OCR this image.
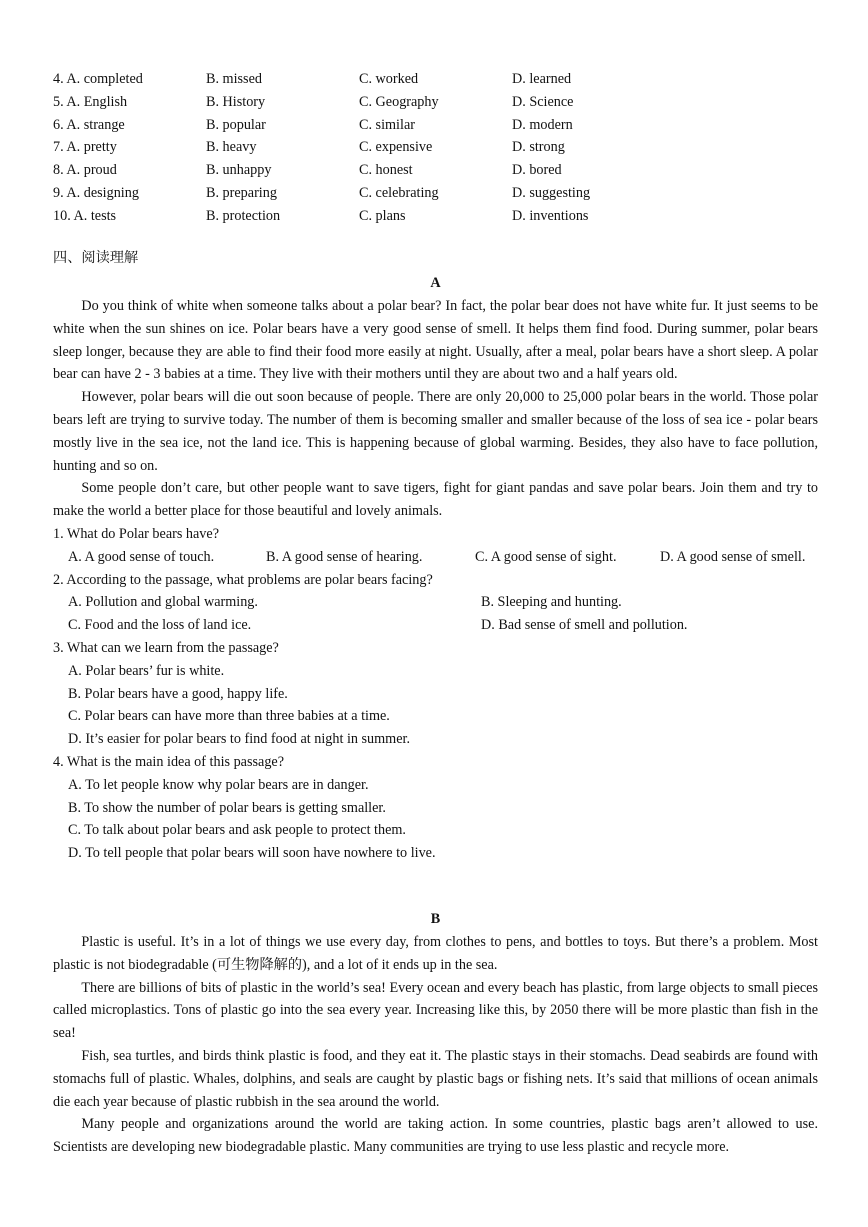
4. A. completed	B. missed	C. worked	D. learned
5. A. English	B. History	C. Geography	D. Science
6. A. strange	B. popular	C. similar	D. modern
7. A. pretty	B. heavy	C. expensive	D. strong
8. A. proud	B. unhappy	C. honest	D. bored
9. A. designing	B. preparing	C. celebrating	D. suggesting
10. A. tests	B. protection	C. plans	D. inventions
四、阅读理解
A

Do you think of white when someone talks about a polar bear? In fact, the polar bear does not have white fur. It just seems to be white when the sun shines on ice. Polar bears have a very good sense of smell. It helps them find food. During summer, polar bears sleep longer, because they are able to find their food more easily at night. Usually, after a meal, polar bears have a short sleep. A polar bear can have 2 - 3 babies at a time. They live with their mothers until they are about two and a half years old.

However, polar bears will die out soon because of people. There are only 20,000 to 25,000 polar bears in the world. Those polar bears left are trying to survive today. The number of them is becoming smaller and smaller because of the loss of sea ice - polar bears mostly live in the sea ice, not the land ice. This is happening because of global warming. Besides, they also have to face pollution, hunting and so on.

Some people don’t care, but other people want to save tigers, fight for giant pandas and save polar bears. Join them and try to make the world a better place for those beautiful and lovely animals.

1. What do Polar bears have?

A. A good sense of touch.	B. A good sense of hearing.	C. A good sense of sight.	D. A good sense of smell.

2. According to the passage, what problems are polar bears facing?

A. Pollution and global warming.	B. Sleeping and hunting.
C. Food and the loss of land ice.	D. Bad sense of smell and pollution.

3. What can we learn from the passage?

A. Polar bears’ fur is white.

B. Polar bears have a good, happy life.

C. Polar bears can have more than three babies at a time.

D. It’s easier for polar bears to find food at night in summer.

4. What is the main idea of this passage?

A. To let people know why polar bears are in danger.

B. To show the number of polar bears is getting smaller.

C. To talk about polar bears and ask people to protect them.

D. To tell people that polar bears will soon have nowhere to live.

B

Plastic is useful. It’s in a lot of things we use every day, from clothes to pens, and bottles to toys. But there’s a problem. Most plastic is not biodegradable (可生物降解的), and a lot of it ends up in the sea.

There are billions of bits of plastic in the world’s sea! Every ocean and every beach has plastic, from large objects to small pieces called microplastics. Tons of plastic go into the sea every year. Increasing like this, by 2050 there will be more plastic than fish in the sea!

Fish, sea turtles, and birds think plastic is food, and they eat it. The plastic stays in their stomachs. Dead seabirds are found with stomachs full of plastic. Whales, dolphins, and seals are caught by plastic bags or fishing nets. It’s said that millions of ocean animals die each year because of plastic rubbish in the sea around the world.

Many people and organizations around the world are taking action. In some countries, plastic bags aren’t allowed to use. Scientists are developing new biodegradable plastic. Many communities are trying to use less plastic and recycle more.
